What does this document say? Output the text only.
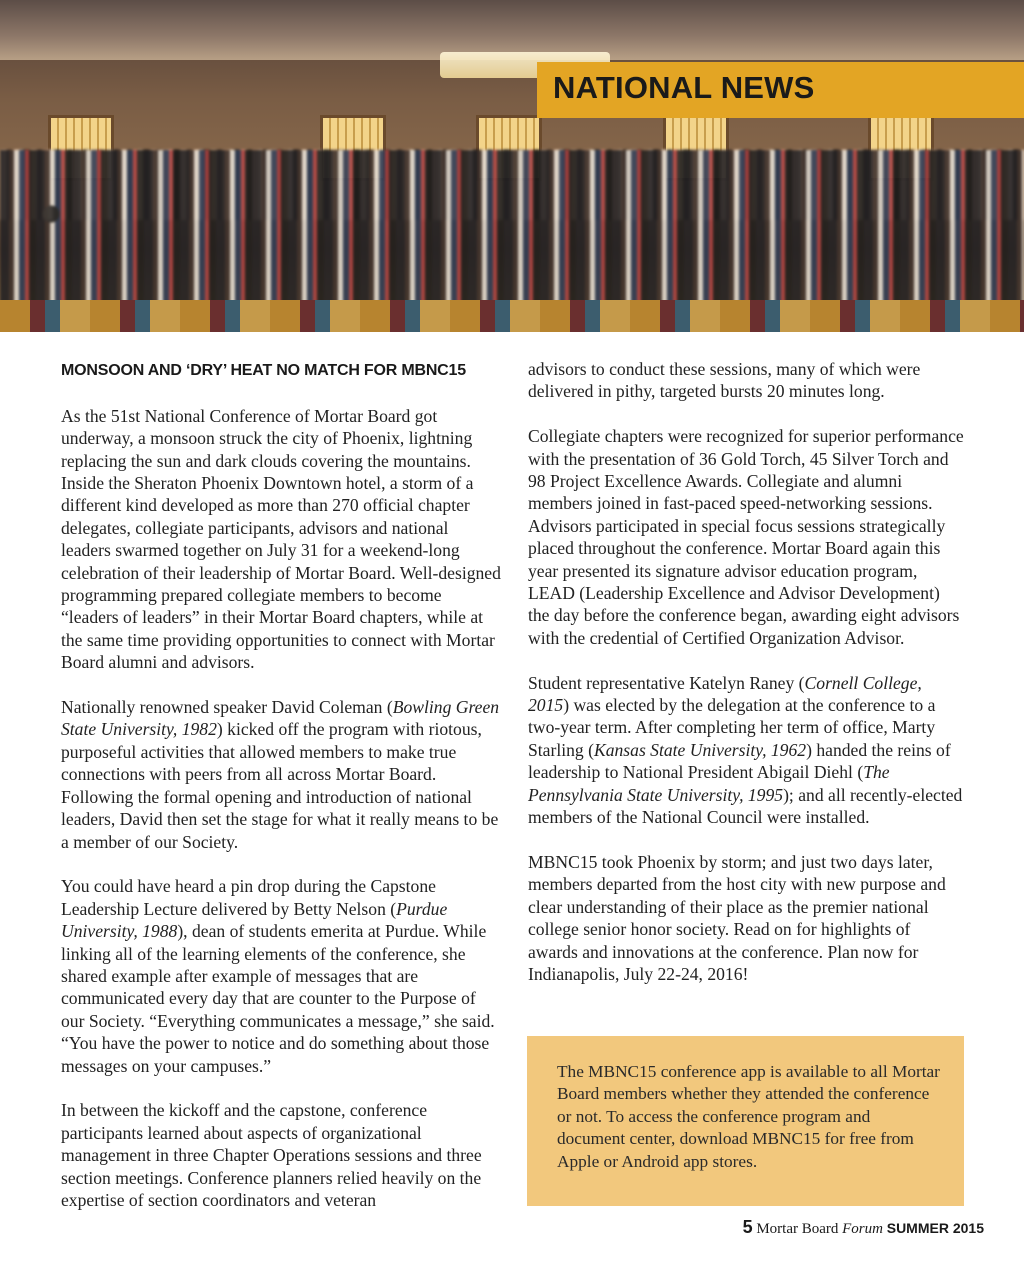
NATIONAL NEWS

MONSOON AND ‘DRY’ HEAT NO MATCH FOR MBNC15

As the 51st National Conference of Mortar Board got underway, a monsoon struck the city of Phoenix, lightning replacing the sun and dark clouds covering the mountains. Inside the Sheraton Phoenix Downtown hotel, a storm of a different kind developed as more than 270 official chapter delegates, collegiate participants, advisors and national leaders swarmed together on July 31 for a weekend-long celebration of their leadership of Mortar Board. Well-designed programming prepared collegiate members to become “leaders of leaders” in their Mortar Board chapters, while at the same time providing opportunities to connect with Mortar Board alumni and advisors.

Nationally renowned speaker David Coleman (Bowling Green State University, 1982) kicked off the program with riotous, purposeful activities that allowed members to make true connections with peers from all across Mortar Board. Following the formal opening and introduction of national leaders, David then set the stage for what it really means to be a member of our Society.

You could have heard a pin drop during the Capstone Leadership Lecture delivered by Betty Nelson (Purdue University, 1988), dean of students emerita at Purdue. While linking all of the learning elements of the conference, she shared example after example of messages that are communicated every day that are counter to the Purpose of our Society. “Everything communicates a message,” she said. “You have the power to notice and do something about those messages on your campuses.”

In between the kickoff and the capstone, conference participants learned about aspects of organizational management in three Chapter Operations sessions and three section meetings. Conference planners relied heavily on the expertise of section coordinators and veteran

advisors to conduct these sessions, many of which were delivered in pithy, targeted bursts 20 minutes long.

Collegiate chapters were recognized for superior performance with the presentation of 36 Gold Torch, 45 Silver Torch and 98 Project Excellence Awards. Collegiate and alumni members joined in fast-paced speed-networking sessions. Advisors participated in special focus sessions strategically placed throughout the conference. Mortar Board again this year presented its signature advisor education program, LEAD (Leadership Excellence and Advisor Development) the day before the conference began, awarding eight advisors with the credential of Certified Organization Advisor.

Student representative Katelyn Raney (Cornell College, 2015) was elected by the delegation at the conference to a two-year term. After completing her term of office, Marty Starling (Kansas State University, 1962) handed the reins of leadership to National President Abigail Diehl (The Pennsylvania State University, 1995); and all recently-elected members of the National Council were installed.

MBNC15 took Phoenix by storm; and just two days later, members departed from the host city with new purpose and clear understanding of their place as the premier national college senior honor society. Read on for highlights of awards and innovations at the conference. Plan now for Indianapolis, July 22-24, 2016!

The MBNC15 conference app is available to all Mortar Board members whether they attended the conference or not. To access the conference program and document center, download MBNC15 for free from Apple or Android app stores.

5 Mortar Board Forum SUMMER 2015
